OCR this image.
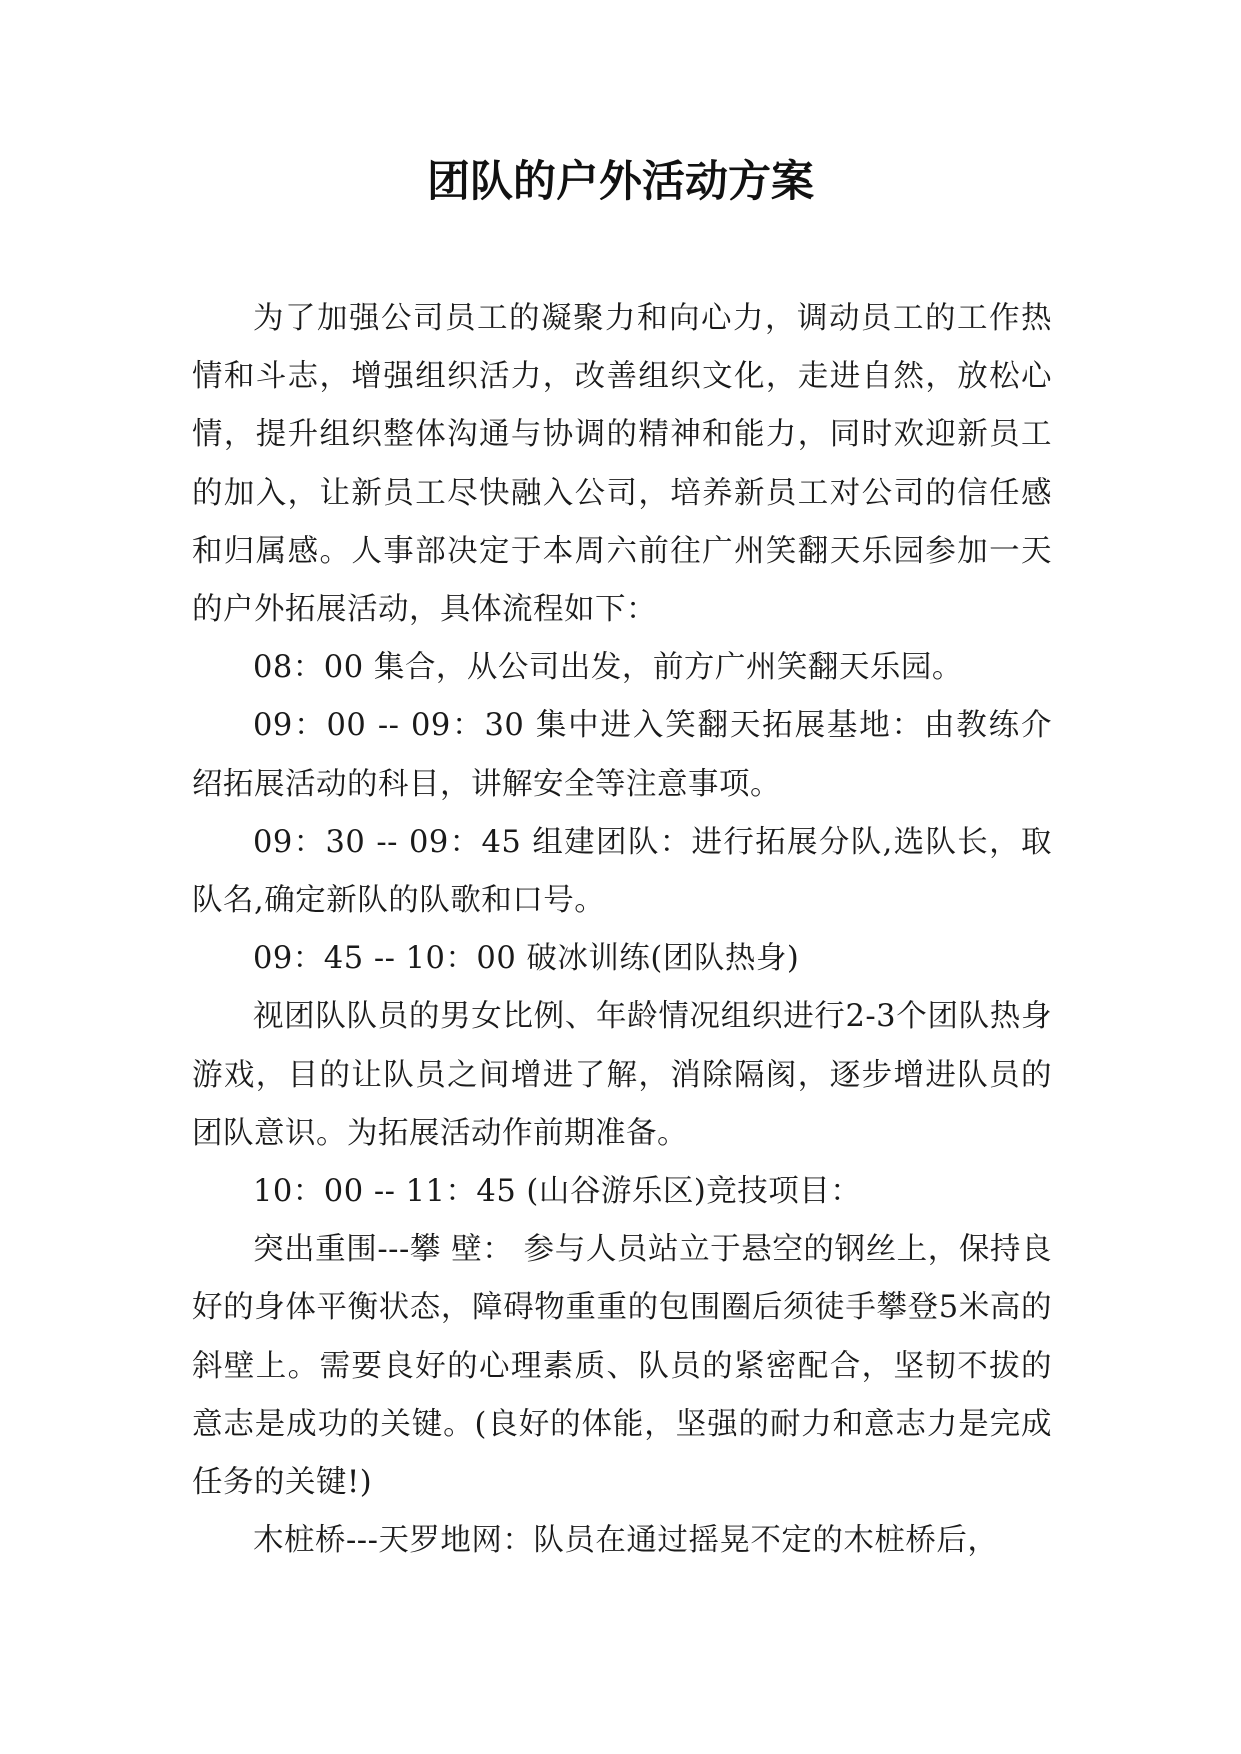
团队的户外活动方案

为了加强公司员工的凝聚力和向心力，调动员工的工作热情和斗志，增强组织活力，改善组织文化，走进自然，放松心情，提升组织整体沟通与协调的精神和能力，同时欢迎新员工的加入，让新员工尽快融入公司，培养新员工对公司的信任感和归属感。人事部决定于本周六前往广州笑翻天乐园参加一天的户外拓展活动，具体流程如下：

08：00 集合，从公司出发，前方广州笑翻天乐园。

09：00 -- 09：30 集中进入笑翻天拓展基地：由教练介绍拓展活动的科目，讲解安全等注意事项。

09：30 -- 09：45 组建团队：进行拓展分队,选队长，取队名,确定新队的队歌和口号。

09：45 -- 10：00 破冰训练(团队热身)

视团队队员的男女比例、年龄情况组织进行2-3个团队热身游戏，目的让队员之间增进了解，消除隔阂，逐步增进队员的团队意识。为拓展活动作前期准备。

10：00 -- 11：45 (山谷游乐区)竞技项目：

突出重围---攀 壁： 参与人员站立于悬空的钢丝上，保持良好的身体平衡状态，障碍物重重的包围圈后须徒手攀登5米高的斜壁上。需要良好的心理素质、队员的紧密配合，坚韧不拔的意志是成功的关键。(良好的体能，坚强的耐力和意志力是完成任务的关键!)

木桩桥---天罗地网：队员在通过摇晃不定的木桩桥后，
